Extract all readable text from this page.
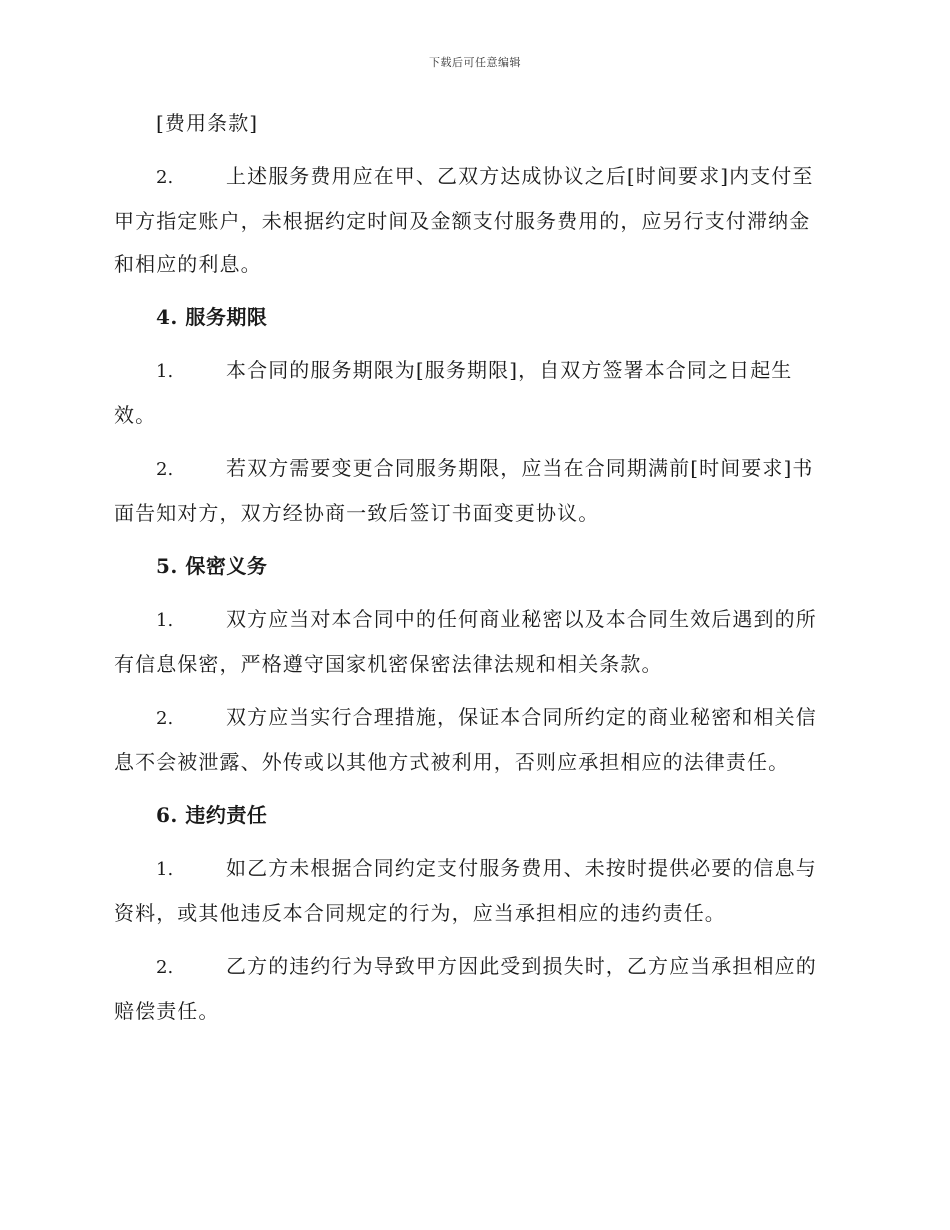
下载后可任意编辑
[费用条款]
2.	上述服务费用应在甲、乙双方达成协议之后[时间要求]内支付至
甲方指定账户，未根据约定时间及金额支付服务费用的，应另行支付滞纳金
和相应的利息。
4. 服务期限
1.	本合同的服务期限为[服务期限]，自双方签署本合同之日起生
效。
2.	若双方需要变更合同服务期限，应当在合同期满前[时间要求]书
面告知对方，双方经协商一致后签订书面变更协议。
5. 保密义务
1.	双方应当对本合同中的任何商业秘密以及本合同生效后遇到的所
有信息保密，严格遵守国家机密保密法律法规和相关条款。
2.	双方应当实行合理措施，保证本合同所约定的商业秘密和相关信
息不会被泄露、外传或以其他方式被利用，否则应承担相应的法律责任。
6. 违约责任
1.	如乙方未根据合同约定支付服务费用、未按时提供必要的信息与
资料，或其他违反本合同规定的行为，应当承担相应的违约责任。
2.	乙方的违约行为导致甲方因此受到损失时，乙方应当承担相应的
赔偿责任。
